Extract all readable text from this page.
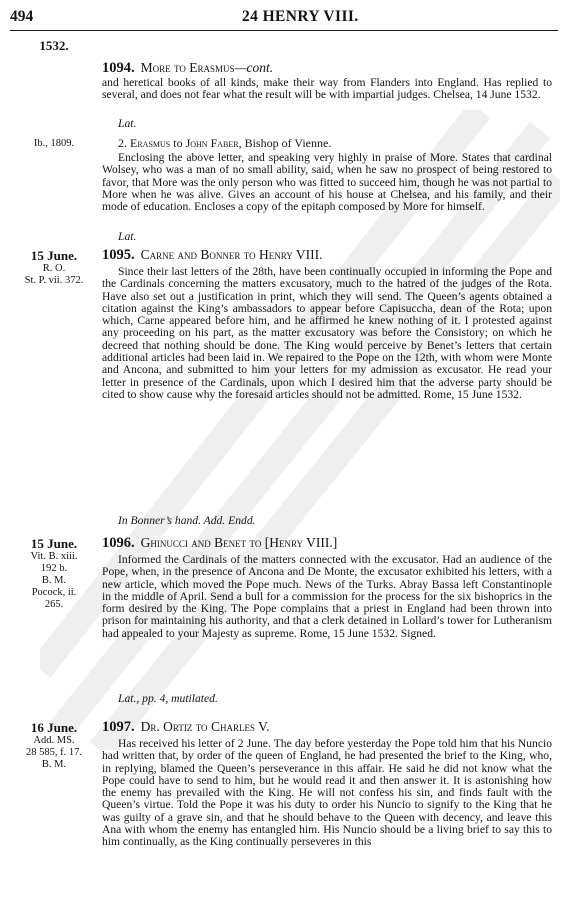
494	24 HENRY VIII.
1532.
1094. More to Erasmus—cont.
and heretical books of all kinds, make their way from Flanders into England. Has replied to several, and does not fear what the result will be with impartial judges. Chelsea, 14 June 1532.
Lat.
Ib., 1809.	2. Erasmus to John Faber, Bishop of Vienne.
Enclosing the above letter, and speaking very highly in praise of More. States that cardinal Wolsey, who was a man of no small ability, said, when he saw no prospect of being restored to favor, that More was the only person who was fitted to succeed him, though he was not partial to More when he was alive. Gives an account of his house at Chelsea, and his family, and their mode of education. Encloses a copy of the epitaph composed by More for himself.
Lat.
15 June.
R. O.
St. P. vii. 372.
1095. Carne and Bonner to Henry VIII.
Since their last letters of the 28th, have been continually occupied in informing the Pope and the Cardinals concerning the matters excusatory, much to the hatred of the judges of the Rota. Have also set out a justification in print, which they will send. The Queen’s agents obtained a citation against the King’s ambassadors to appear before Capisuccha, dean of the Rota; upon which, Carne appeared before him, and he affirmed he knew nothing of it. I protested against any proceeding on his part, as the matter excusatory was before the Consistory; on which he decreed that nothing should be done. The King would perceive by Benet’s letters that certain additional articles had been laid in. We repaired to the Pope on the 12th, with whom were Monte and Ancona, and submitted to him your letters for my admission as excusator. He read your letter in presence of the Cardinals, upon which I desired him that the adverse party should be cited to show cause why the foresaid articles should not be admitted. Rome, 15 June 1532.
In Bonner’s hand. Add. Endd.
15 June.
Vit. B. xiii.
192 b.
B. M.
Pocock, ii.
265.
1096. Ghinucci and Benet to [Henry VIII.]
Informed the Cardinals of the matters connected with the excusator. Had an audience of the Pope, when, in the presence of Ancona and De Monte, the excusator exhibited his letters, with a new article, which moved the Pope much. News of the Turks. Abray Bassa left Constantinople in the middle of April. Send a bull for a commission for the process for the six bishoprics in the form desired by the King. The Pope complains that a priest in England had been thrown into prison for maintaining his authority, and that a clerk detained in Lollard’s tower for Lutheranism had appealed to your Majesty as supreme. Rome, 15 June 1532. Signed.
Lat., pp. 4, mutilated.
16 June.
Add. MS.
28 585, f. 17.
B. M.
1097. Dr. Ortiz to Charles V.
Has received his letter of 2 June. The day before yesterday the Pope told him that his Nuncio had written that, by order of the queen of England, he had presented the brief to the King, who, in replying, blamed the Queen’s perseverance in this affair. He said he did not know what the Pope could have to send to him, but he would read it and then answer it. It is astonishing how the enemy has prevailed with the King. He will not confess his sin, and finds fault with the Queen’s virtue. Told the Pope it was his duty to order his Nuncio to signify to the King that he was guilty of a grave sin, and that he should behave to the Queen with decency, and leave this Ana with whom the enemy has entangled him. His Nuncio should be a living brief to say this to him continually, as the King continually perseveres in this
